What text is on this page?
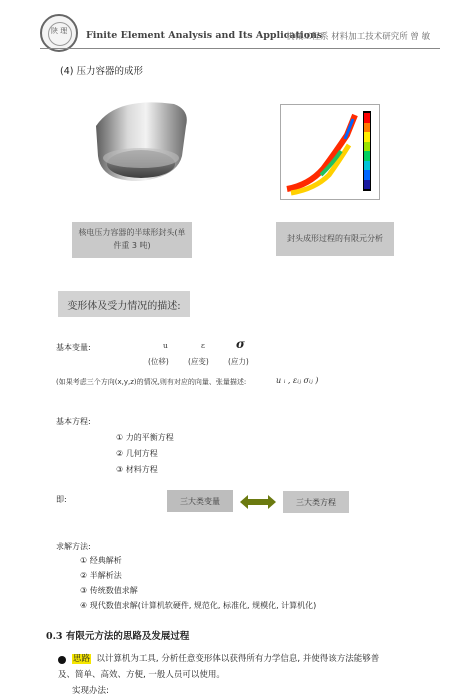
陕 理 Finite Element Analysis and Its Applications
机械工程系 材料加工技术研究所 曾 敏
(4) 压力容器的成形
核电压力容器的半球形封头(单件重 3 吨)
封头成形过程的有限元分析
变形体及受力情况的描述:
基本变量:	u	ε	σ
(位移)	(应变)	(应力)
(如果考虑三个方向(x,y,z)的情况,则有对应的向量、张量描述:	u ᵢ , εᵢⱼ σᵢⱼ )
基本方程:
① 力的平衡方程
② 几何方程
③ 材料方程
即:	三大类变量	三大类方程
求解方法:
① 经典解析
② 半解析法
③ 传统数值求解
④ 现代数值求解(计算机软硬件, 规范化, 标准化, 规模化, 计算机化)
0.3 有限元方法的思路及发展过程
思路 以计算机为工具, 分析任意变形体以获得所有力学信息, 并使得该方法能够普
及、简单、高效、方便, 一般人员可以使用。
实现办法:
